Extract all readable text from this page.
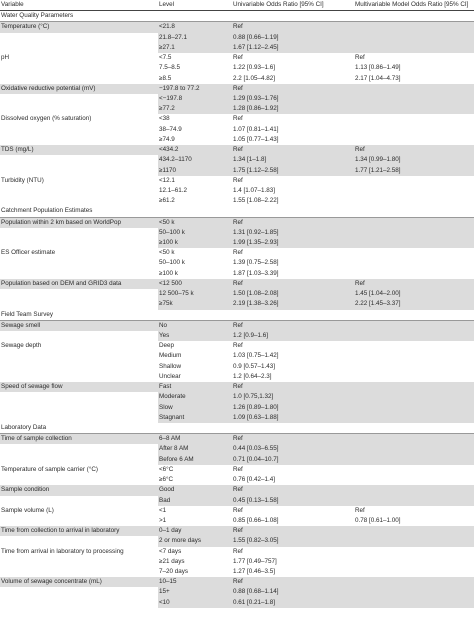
Variable	Level	Univariable Odds Ratio [95% CI]	Multivariable Model Odds Ratio [95% CI]
Water Quality Parameters			
Temperature (°C)	<21.8	Ref	
	21.8–27.1	0.88 [0.66–1.19]	
	≥27.1	1.67 [1.12–2.45]	
pH	<7.5	Ref	Ref
	7.5–8.5	1.22 [0.93–1.6]	1.13 [0.86–1.49]
	≥8.5	2.2 [1.05–4.82]	2.17 [1.04–4.73]
Oxidative reductive potential (mV)	−197.8 to 77.2	Ref	
	<−197.8	1.29 [0.93–1.76]	
	≥77.2	1.28 [0.86–1.92]	
Dissolved oxygen (% saturation)	<38	Ref	
	38–74.9	1.07 [0.81–1.41]	
	≥74.9	1.05 [0.77–1.43]	
TDS (mg/L)	<434.2	Ref	Ref
	434.2–1170	1.34 [1–1.8]	1.34 [0.99–1.80]
	≥1170	1.75 [1.12–2.58]	1.77 [1.21–2.58]
Turbidity (NTU)	<12.1	Ref	
	12.1–61.2	1.4 [1.07–1.83]	
	≥61.2	1.55 [1.08–2.22]	
Catchment Population Estimates			
Population within 2 km based on WorldPop	<50 k	Ref	
	50–100 k	1.31 [0.92–1.85]	
	≥100 k	1.99 [1.35–2.93]	
ES Officer estimate	<50 k	Ref	
	50–100 k	1.39 [0.75–2.58]	
	≥100 k	1.87 [1.03–3.39]	
Population based on DEM and GRID3 data	<12 500	Ref	Ref
	12 500–75 k	1.50 [1.08–2.08]	1.45 [1.04–2.00]
	≥75k	2.19 [1.38–3.26]	2.22 [1.45–3.37]
Field Team Survey			
Sewage smell	No	Ref	
	Yes	1.2 [0.9–1.6]	
Sewage depth	Deep	Ref	
	Medium	1.03 [0.75–1.42]	
	Shallow	0.9 [0.57–1.43]	
	Unclear	1.2 [0.64–2.3]	
Speed of sewage flow	Fast	Ref	
	Moderate	1.0 [0.75,1.32]	
	Slow	1.26 [0.89–1.80]	
	Stagnant	1.09 [0.63–1.88]	
Laboratory Data			
Time of sample collection	6–8 AM	Ref	
	After 8 AM	0.44 [0.03–6.55]	
	Before 6 AM	0.71 [0.04–10.7]	
Temperature of sample carrier (°C)	<6°C	Ref	
	≥6°C	0.76 [0.42–1.4]	
Sample condition	Good	Ref	
	Bad	0.45 [0.13–1.58]	
Sample volume (L)	<1	Ref	Ref
	>1	0.85 [0.66–1.08]	0.78 [0.61–1.00]
Time from collection to arrival in laboratory	0–1 day	Ref	
	2 or more days	1.55 [0.82–3.05]	
Time from arrival in laboratory to processing	<7 days	Ref	
	≥21 days	1.77 [0.49–757]	
	7–20 days	1.27 [0.46–3.5]	
Volume of sewage concentrate (mL)	10–15	Ref	
	15+	0.88 [0.68–1.14]	
	<10	0.61 [0.21–1.8]	
